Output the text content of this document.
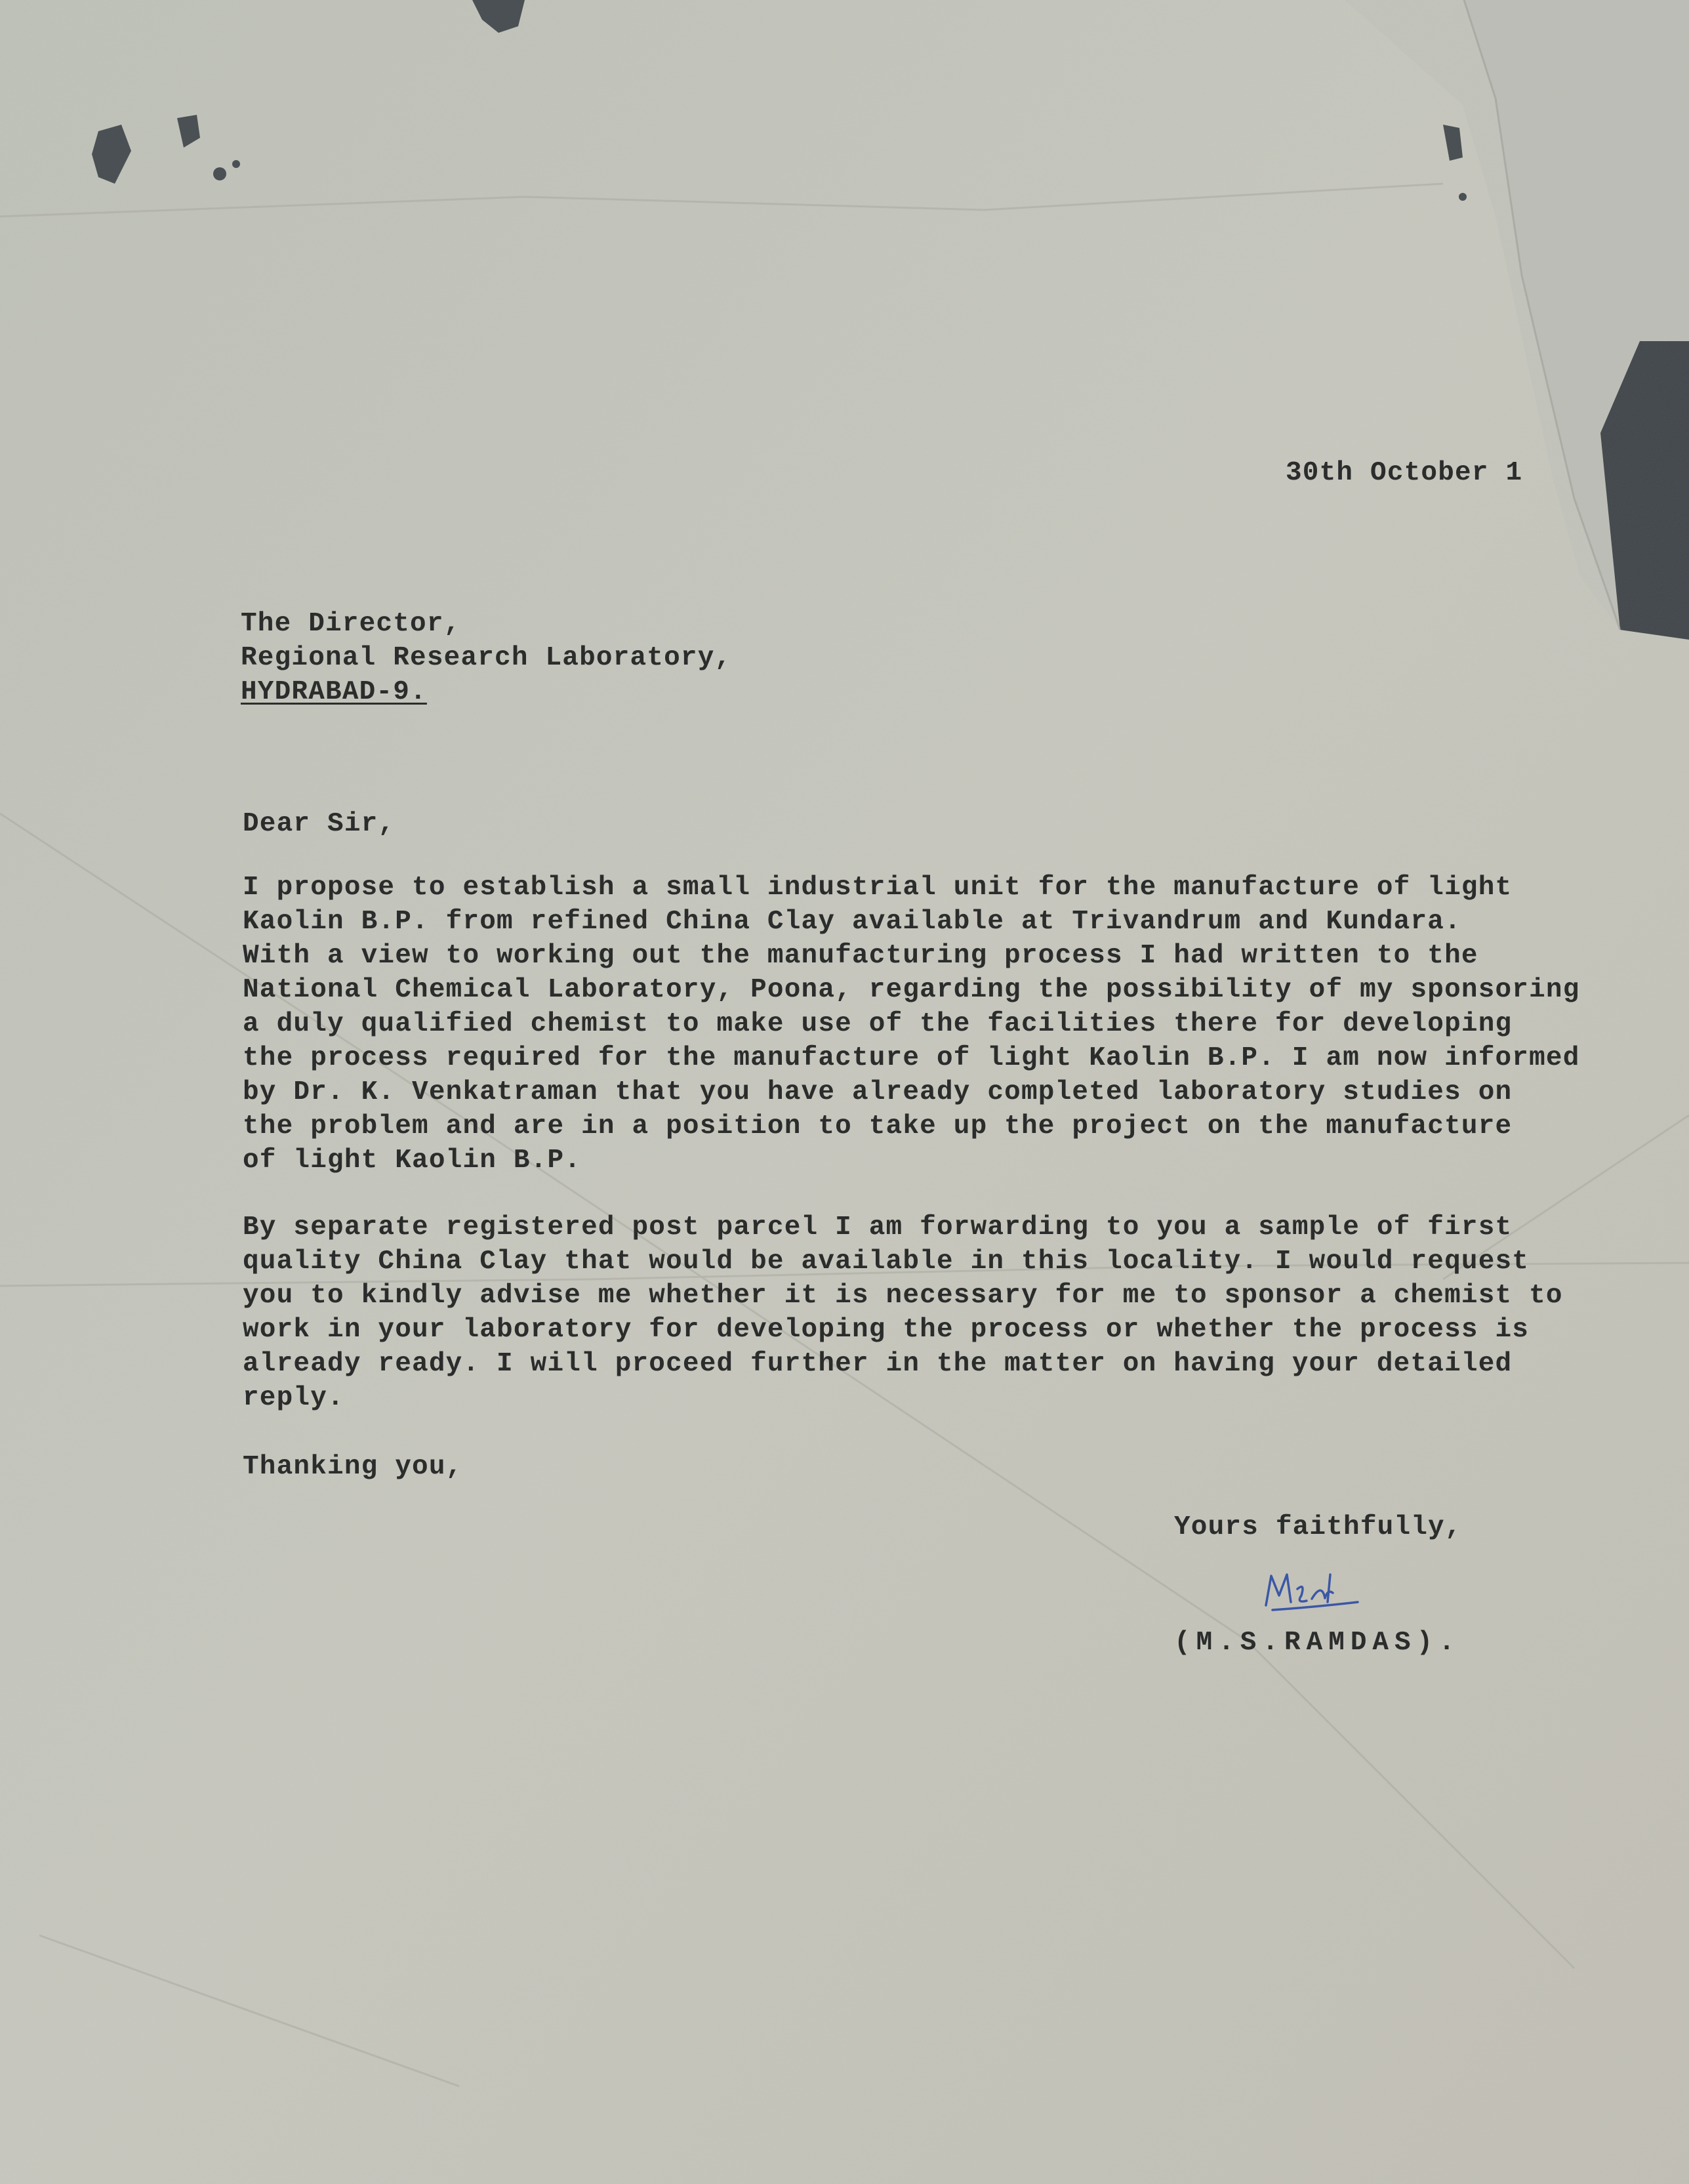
30th October 1
The Director,
Regional Research Laboratory,
HYDRABAD-9.
Dear Sir,
I propose to establish a small industrial unit for the manufacture of light
Kaolin B.P. from refined China Clay available at Trivandrum and Kundara.
With a view to working out the manufacturing process I had written to the
National Chemical Laboratory, Poona, regarding the possibility of my sponsoring
a duly qualified chemist to make use of the facilities there for developing
the process required for the manufacture of light Kaolin B.P. I am now informed
by Dr. K. Venkatraman that you have already completed laboratory studies on
the problem and are in a position to take up the project on the manufacture
of light Kaolin B.P.
By separate registered post parcel I am forwarding to you a sample of first
quality China Clay that would be available in this locality. I would request
you to kindly advise me whether it is necessary for me to sponsor a chemist to
work in your laboratory for developing the process or whether the process is
already ready. I will proceed further in the matter on having your detailed
reply.
Thanking you,
Yours faithfully,
(M.S.RAMDAS).
